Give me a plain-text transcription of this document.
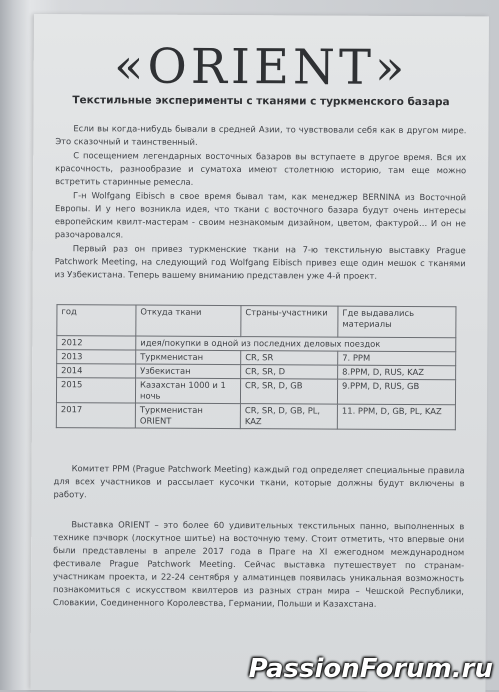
«ORIENT»
Текстильные эксперименты с тканями с туркменского базара

Если вы когда-нибудь бывали в средней Азии, то чувствовали себя как в другом мире. Это сказочный и таинственный.

С посещением легендарных восточных базаров вы вступаете в другое время. Вся их красочность, разнообразие и суматоха имеют столетнюю историю, там еще можно встретить старинные ремесла.

Г-н Wolfgang Eibisch в свое время бывал там, как менеджер BERNINA из Восточной Европы. И у него возникла идея, что ткани с восточного базара будут очень интересы европейским квилт-мастерам - своим незнакомым дизайном, цветом, фактурой… И он не разочаровался.

Первый раз он привез туркменские ткани на 7-ю текстильную выставку Prague Patchwork Meeting, на следующий год Wolfgang Eibisch привез еще один мешок с тканями из Узбекистана. Теперь вашему вниманию представлен уже 4-й проект.

год	Откуда ткани	Страны-участники	Где выдавались материалы
2012	идея/покупки в одной из последних деловых поездок		
2013	Туркменистан	CR, SR	7. PPM
2014	Узбекистан	CR, SR, D	8.PPM, D, RUS, KAZ
2015	Казахстан 1000 и 1 ночь	CR, SR, D, GB	9.PPM, D, RUS, GB
2017	Туркменистан ORIENT	CR, SR, D, GB, PL, KAZ	11. PPM, D, GB, PL, KAZ

Комитет PPM (Prague Patchwork Meeting) каждый год определяет специальные правила для всех участников и рассылает кусочки ткани, которые должны будут включены в работу.

Выставка ORIENT – это более 60 удивительных текстильных панно, выполненных в технике пэчворк (лоскутное шитье) на восточную тему. Стоит отметить, что впервые они были представлены в апреле 2017 года в Праге на XI ежегодном международном фестивале Prague Patchwork Meeting. Сейчас выставка путешествует по странам-участникам проекта, и 22-24 сентября у алматинцев появилась уникальная возможность познакомиться с искусством квилтеров из разных стран мира – Чешской Республики, Словакии, Соединенного Королевства, Германии, Польши и Казахстана.

PassionForum.ru
